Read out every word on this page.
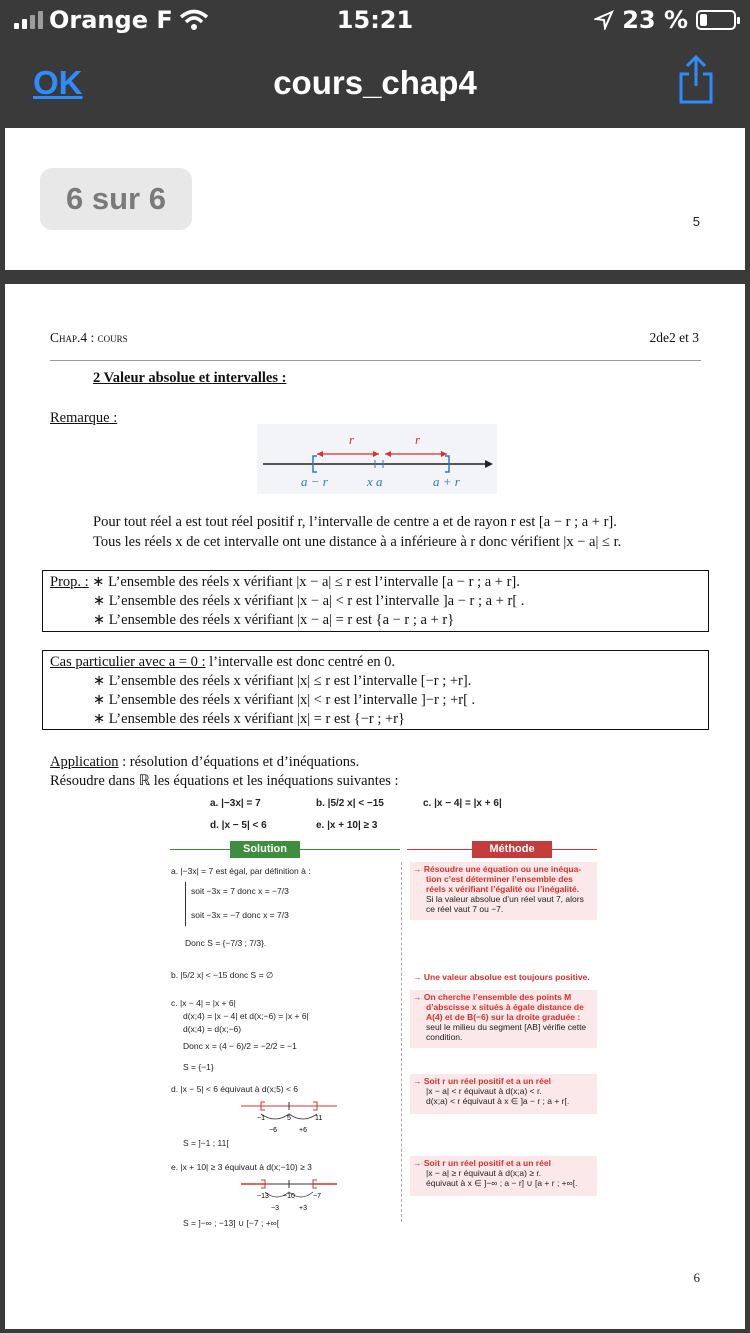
Orange F	15:21	23 %
OK	cours_chap4
5
6 sur 6
Chap.4 : cours	2de2 et 3
2 Valeur absolue et intervalles :
Remarque :
r	r
a − r	x a	a + r
Pour tout réel a est tout réel positif r, l’intervalle de centre a et de rayon r est [a − r ; a + r].
Tous les réels x de cet intervalle ont une distance à a inférieure à r donc vérifient |x − a| ≤ r.
Prop. : ∗ L’ensemble des réels x vérifiant |x − a| ≤ r est l’intervalle [a − r ; a + r].
∗ L’ensemble des réels x vérifiant |x − a| < r est l’intervalle ]a − r ; a + r[ .
∗ L’ensemble des réels x vérifiant |x − a| = r est {a − r ; a + r}
Cas particulier avec a = 0 : l’intervalle est donc centré en 0.
∗ L’ensemble des réels x vérifiant |x| ≤ r est l’intervalle [−r ; +r].
∗ L’ensemble des réels x vérifiant |x| < r est l’intervalle ]−r ; +r[ .
∗ L’ensemble des réels x vérifiant |x| = r est {−r ; +r}
Application : résolution d’équations et d’inéquations.
Résoudre dans ℝ les équations et les inéquations suivantes :
a. |−3x| = 7	b. |5/2 x| < −15	c. |x − 4| = |x + 6|
d. |x − 5| < 6	e. |x + 10| ≥ 3
Solution	Méthode
a. |−3x| = 7 est égal, par définition à :
soit −3x = 7 donc x = −7/3
soit −3x = −7 donc x = 7/3
Donc S = {−7/3 ; 7/3}.
b. |5/2 x| < −15 donc S = ∅
c. |x − 4| = |x + 6|
d(x;4) = |x − 4| et d(x;−6) = |x + 6|
d(x;4) = d(x;−6)
Donc x = (4 − 6)/2 = −2/2 = −1
S = {−1}
d. |x − 5| < 6 équivaut à d(x;5) < 6
−1	5	11
−6	+6
S = ]−1 ; 11[
e. |x + 10| ≥ 3 équivaut à d(x;−10) ≥ 3
−13 −10	−7
−3	+3
S = ]−∞ ; −13] ∪ [−7 ; +∞[
→ Résoudre une équation ou une inéqua-
tion c’est déterminer l’ensemble des
réels x vérifiant l’égalité ou l’inégalité.
Si la valeur absolue d’un réel vaut 7, alors
ce réel vaut 7 ou −7.
→ Une valeur absolue est toujours positive.
→ On cherche l’ensemble des points M
d’abscisse x situés à égale distance de
A(4) et de B(−6) sur la droite graduée :
seul le milieu du segment [AB] vérifie cette
condition.
→ Soit r un réel positif et a un réel
|x − a| < r équivaut à d(x;a) < r.
d(x;a) < r équivaut à x ∈ ]a − r ; a + r[.
→ Soit r un réel positif et a un réel
|x − a| ≥ r équivaut à d(x;a) ≥ r.
équivaut à x ∈ ]−∞ ; a − r] ∪ [a + r ; +∞[.
6
